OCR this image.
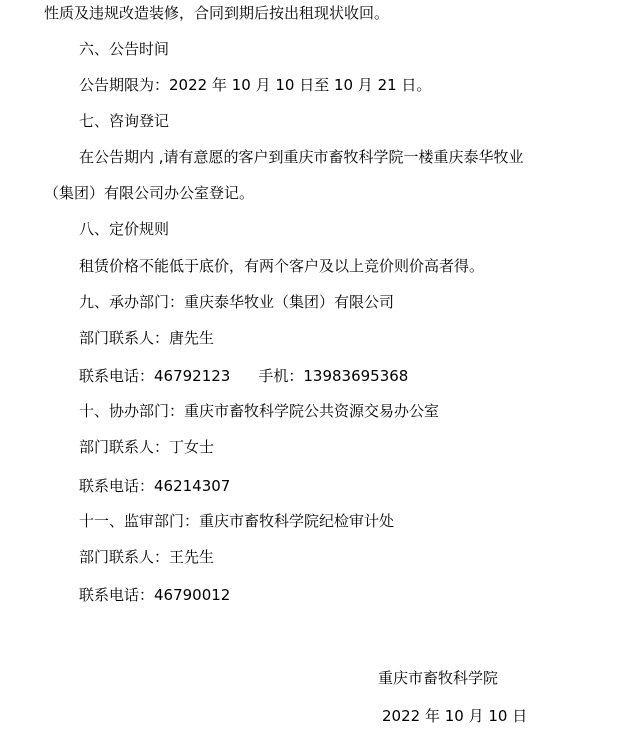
性质及违规改造装修，合同到期后按出租现状收回。
六、公告时间
公告期限为：2022 年 10 月 10 日至 10 月 21 日。
七、咨询登记
在公告期内 ,请有意愿的客户到重庆市畜牧科学院一楼重庆泰华牧业
（集团）有限公司办公室登记。
八、定价规则
租赁价格不能低于底价，有两个客户及以上竞价则价高者得。
九、承办部门：重庆泰华牧业（集团）有限公司
部门联系人：唐先生
联系电话：46792123 手机：13983695368
十、协办部门：重庆市畜牧科学院公共资源交易办公室
部门联系人：丁女士
联系电话：46214307
十一、监审部门：重庆市畜牧科学院纪检审计处
部门联系人：王先生
联系电话：46790012
重庆市畜牧科学院
2022 年 10 月 10 日
